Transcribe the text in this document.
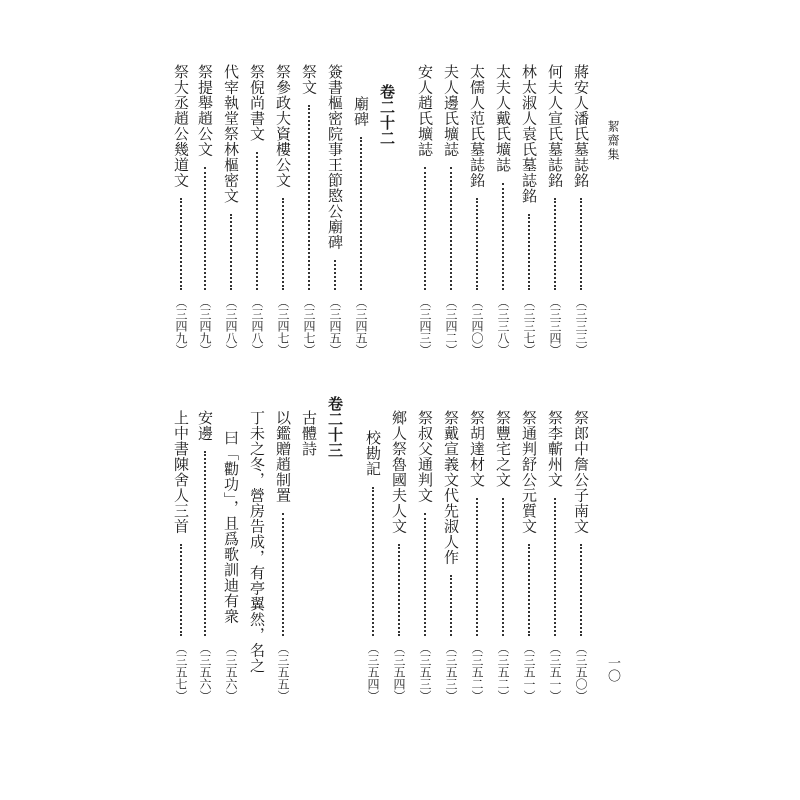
絜齋集
一〇
祭郎中詹公子南文
（三五〇）
祭李蘄州文
（三五一）
祭通判舒公元質文
（三五一）
祭豐宅之文
（三五二）
祭胡達材文
（三五二）
祭戴宣義文代先淑人作
（三五三）
祭叔父通判文
（三五三）
鄉人祭魯國夫人文
（三五四）
校勘記
（三五四）
卷二十三
古體詩
以鑑贈趙制置
（三五五）
丁未之冬，營房告成，有亭翼然，名之
曰「勸功」，且爲歌訓迪有衆
（三五六）
安邊
（三五六）
上中書陳舍人三首
（三五七）
蔣安人潘氏墓誌銘
（三三三）
何夫人宣氏墓誌銘
（三三四）
林太淑人袁氏墓誌銘
（三三七）
太夫人戴氏壙誌
（三三八）
太儒人范氏墓誌銘
（三四〇）
夫人邊氏壙誌
（三四二）
安人趙氏壙誌
（三四三）
卷二十二
廟碑
（三四五）
簽書樞密院事王節愍公廟碑
（三四五）
祭文
（三四七）
祭參政大資樓公文
（三四七）
祭倪尚書文
（三四八）
代宰執堂祭林樞密文
（三四八）
祭提舉趙公文
（三四九）
祭大丞趙公幾道文
（三四九）
